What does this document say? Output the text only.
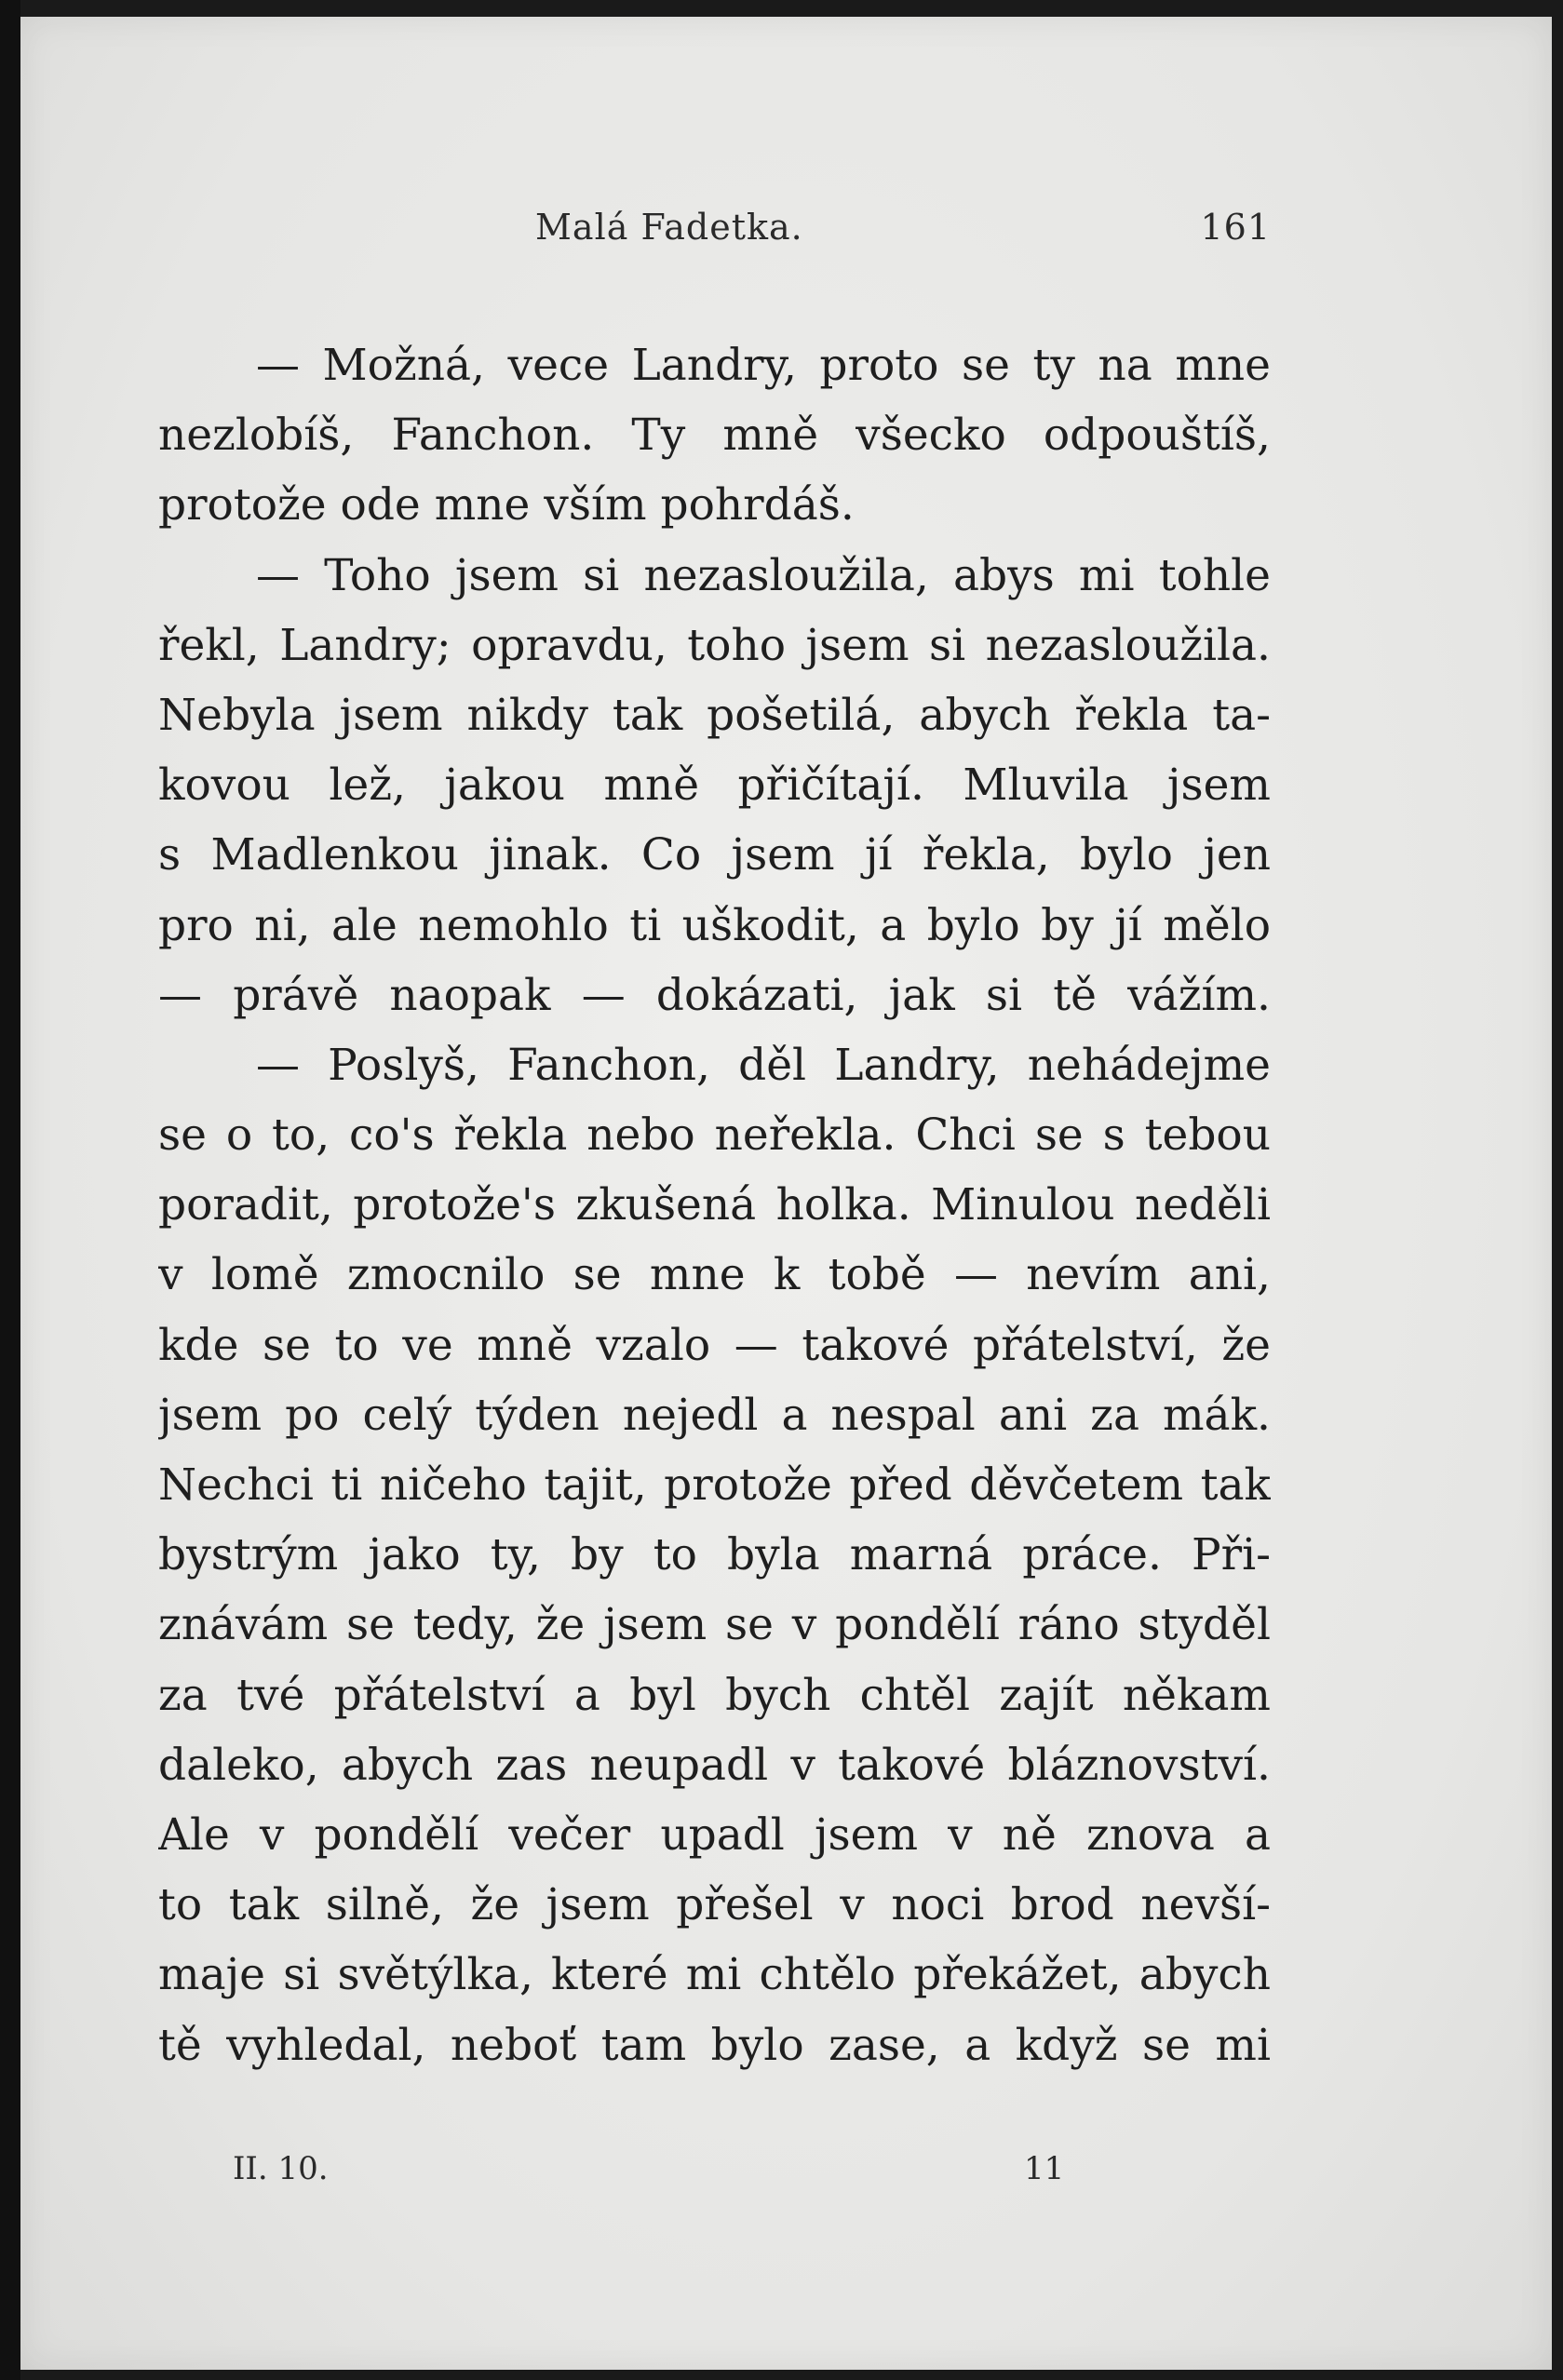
Malá Fadetka.	161
— Možná, vece Landry, proto se ty na mne
nezlobíš, Fanchon. Ty mně všecko odpouštíš,
protože ode mne vším pohrdáš.
— Toho jsem si nezasloužila, abys mi tohle
řekl, Landry; opravdu, toho jsem si nezasloužila.
Nebyla jsem nikdy tak pošetilá, abych řekla ta-
kovou lež, jakou mně přičítají. Mluvila jsem
s Madlenkou jinak. Co jsem jí řekla, bylo jen
pro ni, ale nemohlo ti uškodit, a bylo by jí mělo
— právě naopak — dokázati, jak si tě vážím.
— Poslyš, Fanchon, děl Landry, nehádejme
se o to, co's řekla nebo neřekla. Chci se s tebou
poradit, protože's zkušená holka. Minulou neděli
v lomě zmocnilo se mne k tobě — nevím ani,
kde se to ve mně vzalo — takové přátelství, že
jsem po celý týden nejedl a nespal ani za mák.
Nechci ti ničeho tajit, protože před děvčetem tak
bystrým jako ty, by to byla marná práce. Při-
znávám se tedy, že jsem se v pondělí ráno styděl
za tvé přátelství a byl bych chtěl zajít někam
daleko, abych zas neupadl v takové bláznovství.
Ale v pondělí večer upadl jsem v ně znova a
to tak silně, že jsem přešel v noci brod nevší-
maje si světýlka, které mi chtělo překážet, abych
tě vyhledal, neboť tam bylo zase, a když se mi
II. 10.	11
